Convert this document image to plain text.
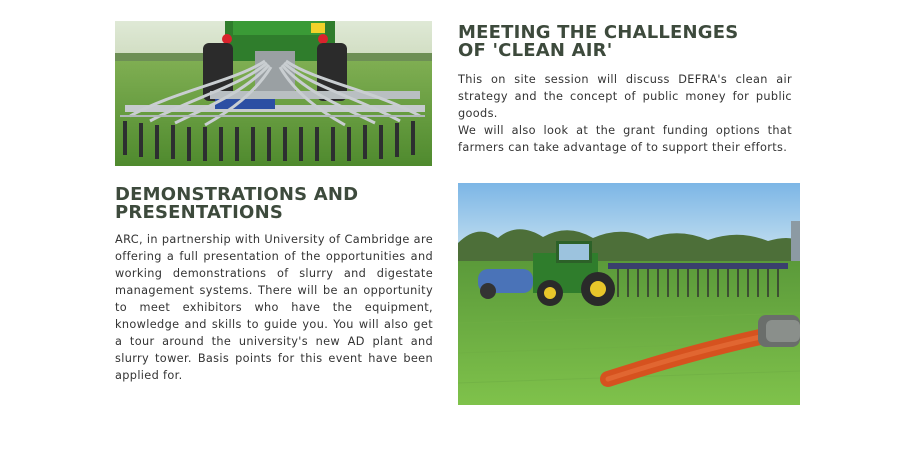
MEETING THE CHALLENGES
OF 'CLEAN AIR'

This on site session will discuss DEFRA's clean air strategy and the concept of public money for public goods.

We will also look at the grant funding options that farmers can take advantage of to support their efforts.

DEMONSTRATIONS AND
PRESENTATIONS

ARC, in partnership with University of Cambridge are offering a full presentation of the opportunities and working demonstrations of slurry and digestate management systems. There will be an opportunity to meet exhibitors who have the equipment, knowledge and skills to guide you. You will also get a tour around the university's new AD plant and slurry tower. Basis points for this event have been applied for.
